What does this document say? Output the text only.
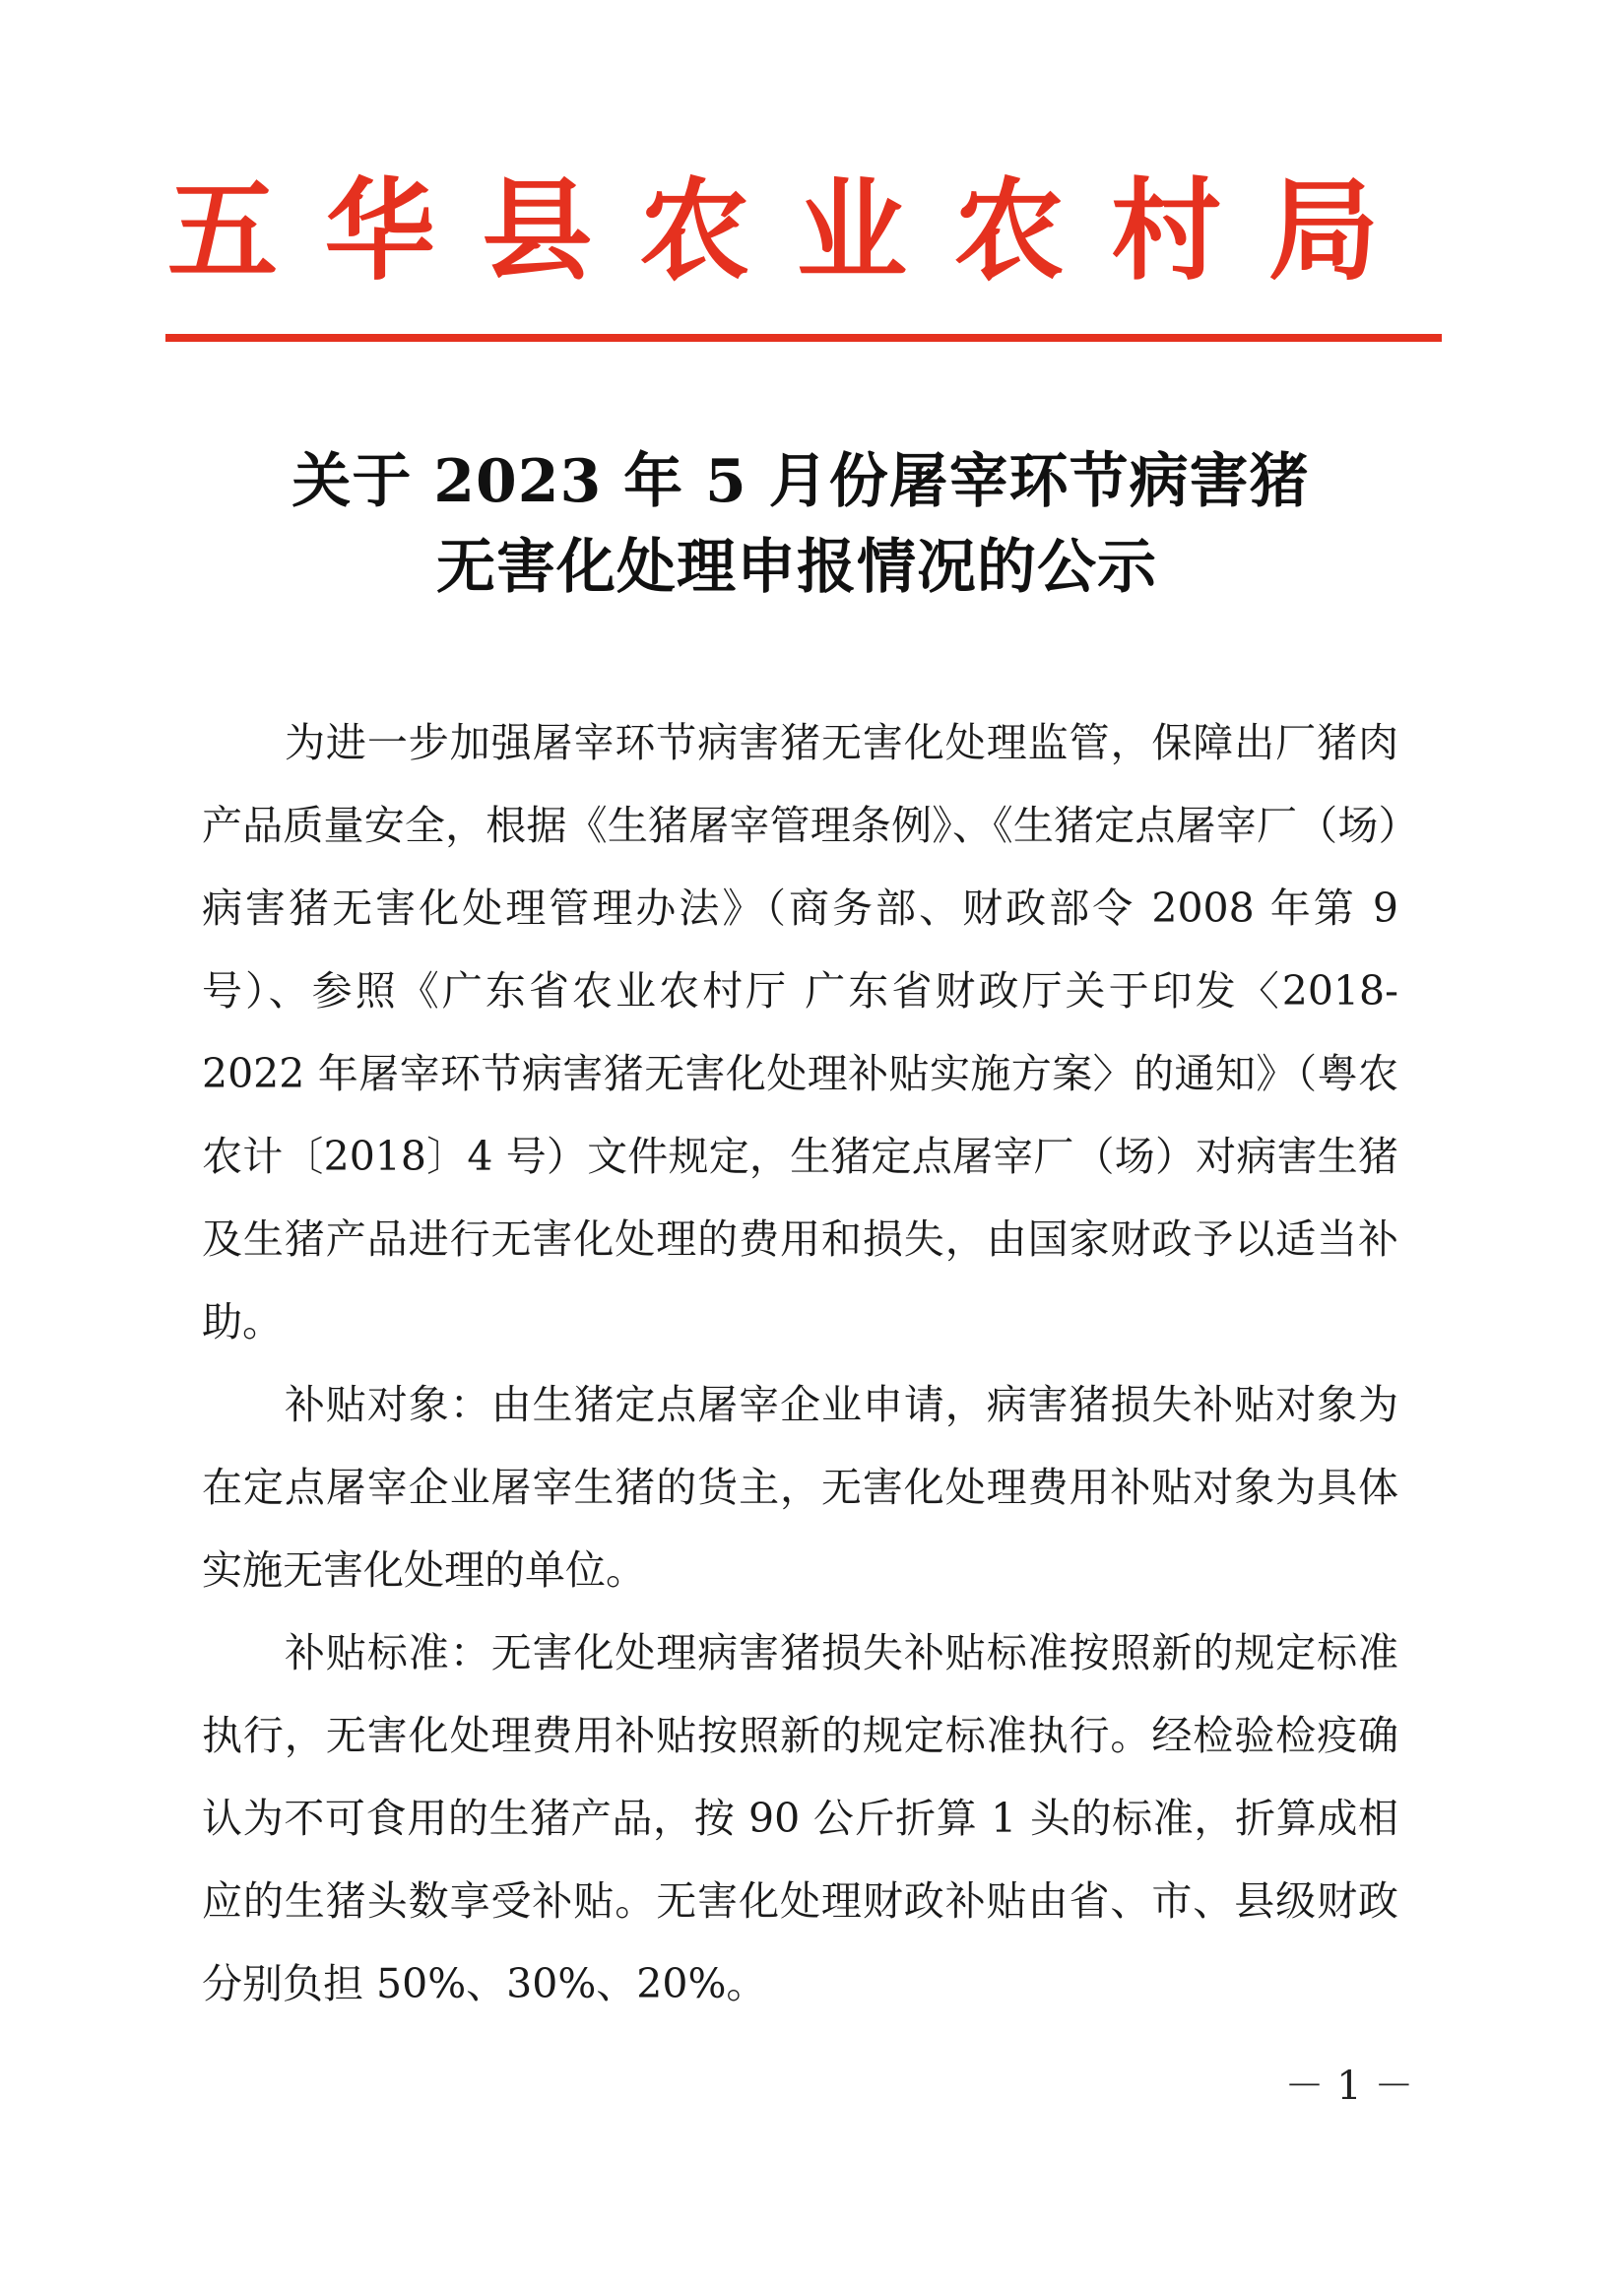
五 华 县 农 业 农 村 局
关于 2023 年 5 月份屠宰环节病害猪
无害化处理申报情况的公示

为进一步加强屠宰环节病害猪无害化处理监管，保障出厂猪肉产品质量安全，根据《生猪屠宰管理条例》、《生猪定点屠宰厂（场）病害猪无害化处理管理办法》（商务部、财政部令 2008 年第 9 号）、参照《广东省农业农村厅 广东省财政厅关于印发〈2018-2022 年屠宰环节病害猪无害化处理补贴实施方案〉的通知》（粤农农计〔2018〕4 号）文件规定，生猪定点屠宰厂（场）对病害生猪及生猪产品进行无害化处理的费用和损失，由国家财政予以适当补助。

补贴对象：由生猪定点屠宰企业申请，病害猪损失补贴对象为在定点屠宰企业屠宰生猪的货主，无害化处理费用补贴对象为具体实施无害化处理的单位。

补贴标准：无害化处理病害猪损失补贴标准按照新的规定标准执行，无害化处理费用补贴按照新的规定标准执行。经检验检疫确认为不可食用的生猪产品，按 90 公斤折算 1 头的标准，折算成相应的生猪头数享受补贴。无害化处理财政补贴由省、市、县级财政分别负担 50%、30%、20%。

－ 1 －
